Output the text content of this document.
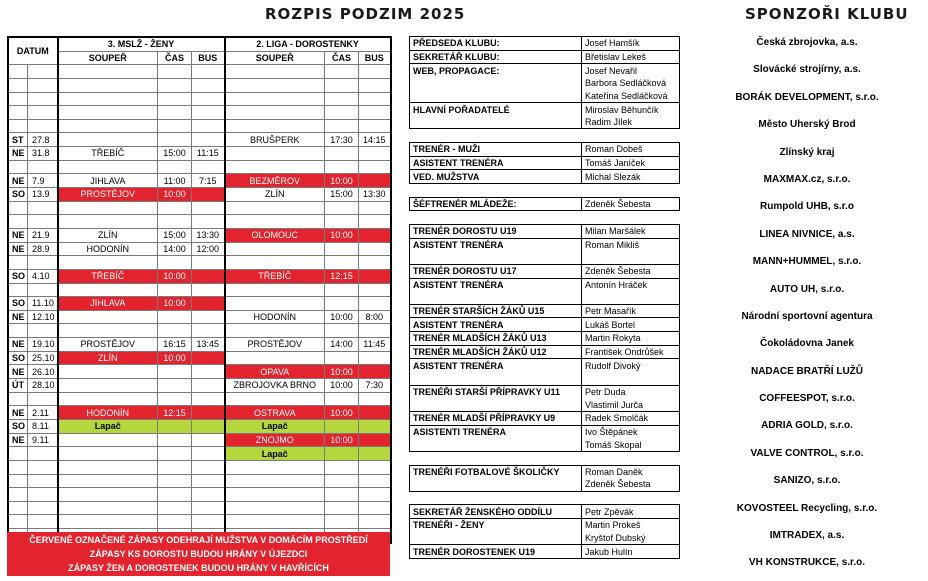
ROZPIS PODZIM 2025	SPONZOŘI KLUBU
DATUM		3. MSLŽ - ŽENY			2. LIGA - DOROSTENKY		
		SOUPEŘ	ČAS	BUS	SOUPEŘ	ČAS	BUS

ST	27.8				BRUŠPERK	17:30	14:15
NE	31.8	TŘEBÍČ	15:00	11:15			

NE	7.9	JIHLAVA	11:00	7:15	BEZMĚROV	10:00	
SO	13.9	PROSTĚJOV	10:00		ZLÍN	15:00	13:30

NE	21.9	ZLÍN	15:00	13:30	OLOMOUC	10:00	
NE	28.9	HODONÍN	14:00	12:00			

SO	4.10	TŘEBÍČ	10:00		TŘEBÍČ	12:15	

SO	11.10	JIHLAVA	10:00				
NE	12.10				HODONÍN	10:00	8:00

NE	19.10	PROSTĚJOV	16:15	13:45	PROSTĚJOV	14:00	11:45
SO	25.10	ZLÍN	10:00				
NE	26.10				OPAVA	10:00	
ÚT	28.10				ZBROJOVKA BRNO	10:00	7:30

NE	2.11	HODONÍN	12:15		OSTRAVA	10:00	
SO	8.11	Lapač			Lapač		
NE	9.11				ZNOJMO	10:00	
					Lapač		

ČERVENĚ OZNAČENÉ ZÁPASY ODEHRAJÍ MUŽSTVA V DOMÁCÍM PROSTŘEDÍ
ZÁPASY KS DOROSTU BUDOU HRÁNY V ÚJEZDCI
ZÁPASY ŽEN A DOROSTENEK BUDOU HRÁNY V HAVŘÍCÍCH
PŘEDSEDA KLUBU:	Josef Hamšík
SEKRETÁŘ KLUBU:	Břetislav Lekeš
WEB, PROPAGACE:	Josef Nevařil
	Barbora Sedláčková
	Kateřina Sedláčková
HLAVNÍ POŘADATELÉ	Miroslav Běhunčík
	Radim Jílek

TRENÉR - MUŽI	Roman Dobeš
ASISTENT TRENÉRA	Tomáš Janíček
VED. MUŽSTVA	Michal Slezák

ŠÉFTRENÉR MLÁDEŽE:	Zdeněk Šebesta

TRENÉR DOROSTU U19	Milan Maršálek
ASISTENT TRENÉRA	Roman Mikliš

TRENÉR DOROSTU U17	Zdeněk Šebesta
ASISTENT TRENÉRA	Antonín Hráček

TRENÉR STARŠÍCH ŽÁKŮ U15	Petr Masařík
ASISTENT TRENÉRA	Lukáš Bortel
TRENÉR MLADŠÍCH ŽÁKŮ U13	Martin Rokyta
TRENÉR MLADŠÍCH ŽÁKŮ U12	František Ondrůšek
ASISTENT TRENÉRA	Rudolf Divoký

TRENÉŘI STARŠÍ PŘÍPRAVKY U11	Petr Duda
	Vlastimil Jurča
TRENÉR MLADŠÍ PŘÍPRAVKY U9	Radek Smolčák
ASISTENTI TRENÉRA	Ivo Štěpánek
	Tomáš Skopal

TRENÉŘI FOTBALOVÉ ŠKOLIČKY	Roman Daněk
	Zdeněk Šebesta

SEKRETÁŘ ŽENSKÉHO ODDÍLU	Petr Zpěvák
TRENÉŘI - ŽENY	Martin Prokeš
	Kryštof Dubský
TRENÉR DOROSTENEK U19	Jakub Hulín
Česká zbrojovka, a.s.
Slovácké strojírny, a.s.
BORÁK DEVELOPMENT, s.r.o.
Město Uherský Brod
Zlínský kraj
MAXMAX.cz, s.r.o.
Rumpold UHB, s.r.o
LINEA NIVNICE, a.s.
MANN+HUMMEL, s.r.o.
AUTO UH, s.r.o.
Národní sportovní agentura
Čokoládovna Janek
NADACE BRATŘÍ LUŽŮ
COFFEESPOT, s.r.o.
ADRIA GOLD, s.r.o.
VALVE CONTROL, s.r.o.
SANIZO, s.r.o.
KOVOSTEEL Recycling, s.r.o.
IMTRADEX, a.s.
VH KONSTRUKCE, s.r.o.
